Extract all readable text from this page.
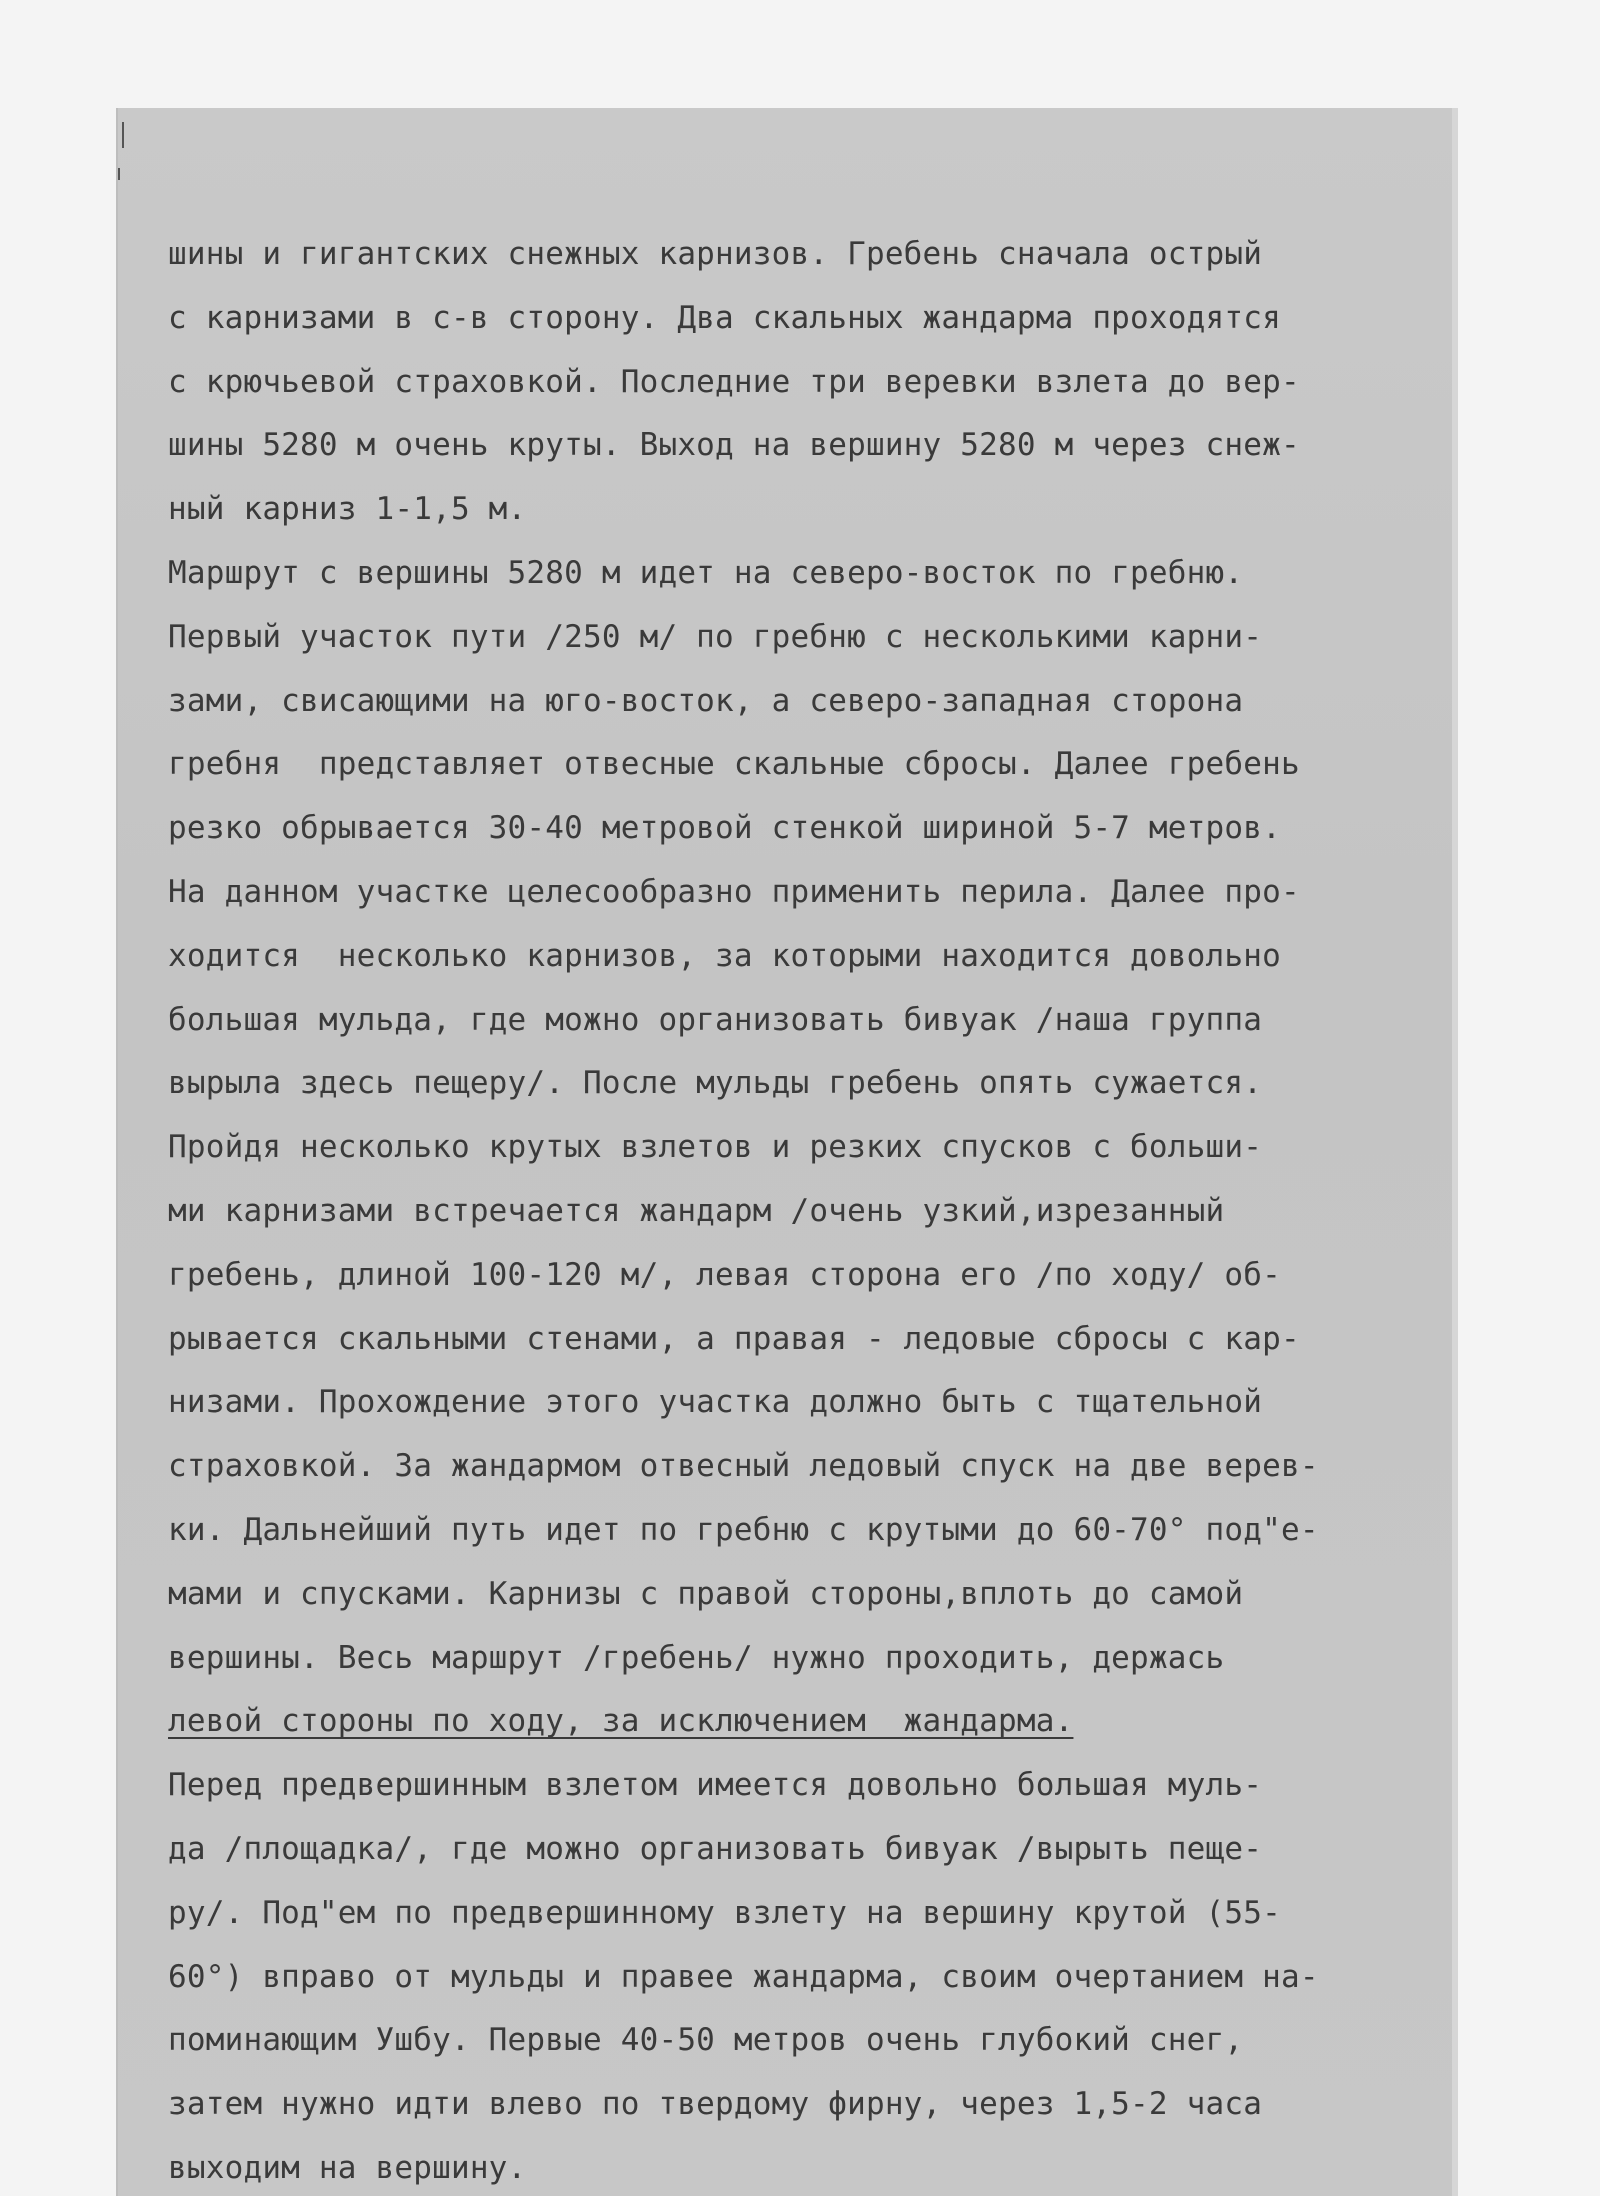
шины и гигантских снежных карнизов. Гребень сначала острый
с карнизами в с-в сторону. Два скальных жандарма проходятся
с крючьевой страховкой. Последние три веревки взлета до вер-
шины 5280 м очень круты. Выход на вершину 5280 м через снеж-
ный карниз 1-1,5 м.
Маршрут с вершины 5280 м идет на северо-восток по гребню.
Первый участок пути /250 м/ по гребню с несколькими карни-
зами, свисающими на юго-восток, а северо-западная сторона
гребня  представляет отвесные скальные сбросы. Далее гребень
резко обрывается 30-40 метровой стенкой шириной 5-7 метров.
На данном участке целесообразно применить перила. Далее про-
ходится  несколько карнизов, за которыми находится довольно
большая мульда, где можно организовать бивуак /наша группа
вырыла здесь пещеру/. После мульды гребень опять сужается.
Пройдя несколько крутых взлетов и резких спусков с больши-
ми карнизами встречается жандарм /очень узкий,изрезанный
гребень, длиной 100-120 м/, левая сторона его /по ходу/ об-
рывается скальными стенами, а правая - ледовые сбросы с кар-
низами. Прохождение этого участка должно быть с тщательной
страховкой. За жандармом отвесный ледовый спуск на две верев-
ки. Дальнейший путь идет по гребню с крутыми до 60-70° под"е-
мами и спусками. Карнизы с правой стороны,вплоть до самой
вершины. Весь маршрут /гребень/ нужно проходить, держась
левой стороны по ходу, за исключением  жандарма.
Перед предвершинным взлетом имеется довольно большая муль-
да /площадка/, где можно организовать бивуак /вырыть пеще-
ру/. Под"ем по предвершинному взлету на вершину крутой (55-
60°) вправо от мульды и правее жандарма, своим очертанием на-
поминающим Ушбу. Первые 40-50 метров очень глубокий снег,
затем нужно идти влево по твердому фирну, через 1,5-2 часа
выходим на вершину.
